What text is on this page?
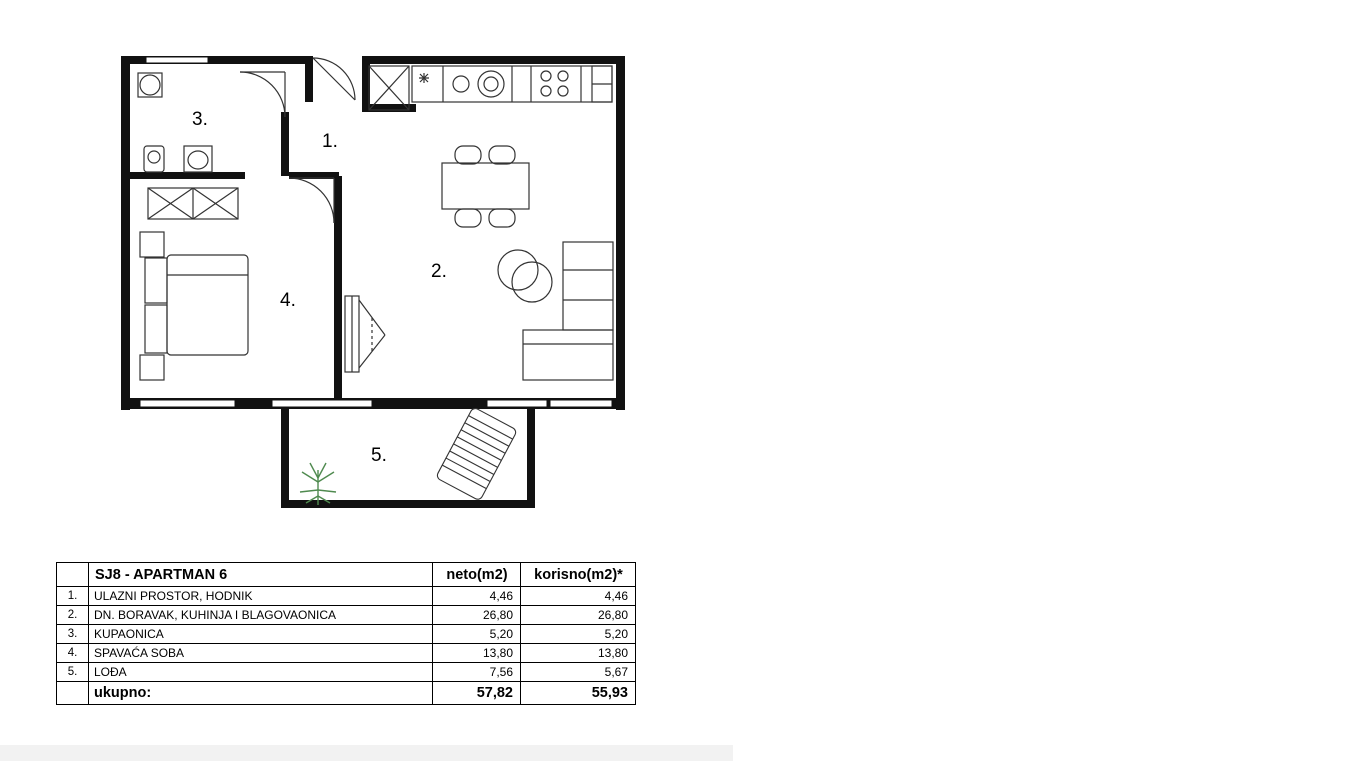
1.
2.
3.
4.
5.
	SJ8 - APARTMAN 6	neto(m2)	korisno(m2)*
1.	ULAZNI PROSTOR, HODNIK	4,46	4,46
2.	DN. BORAVAK, KUHINJA I BLAGOVAONICA	26,80	26,80
3.	KUPAONICA	5,20	5,20
4.	SPAVAĆA SOBA	13,80	13,80
5.	LOĐA	7,56	5,67
	ukupno:	57,82	55,93
